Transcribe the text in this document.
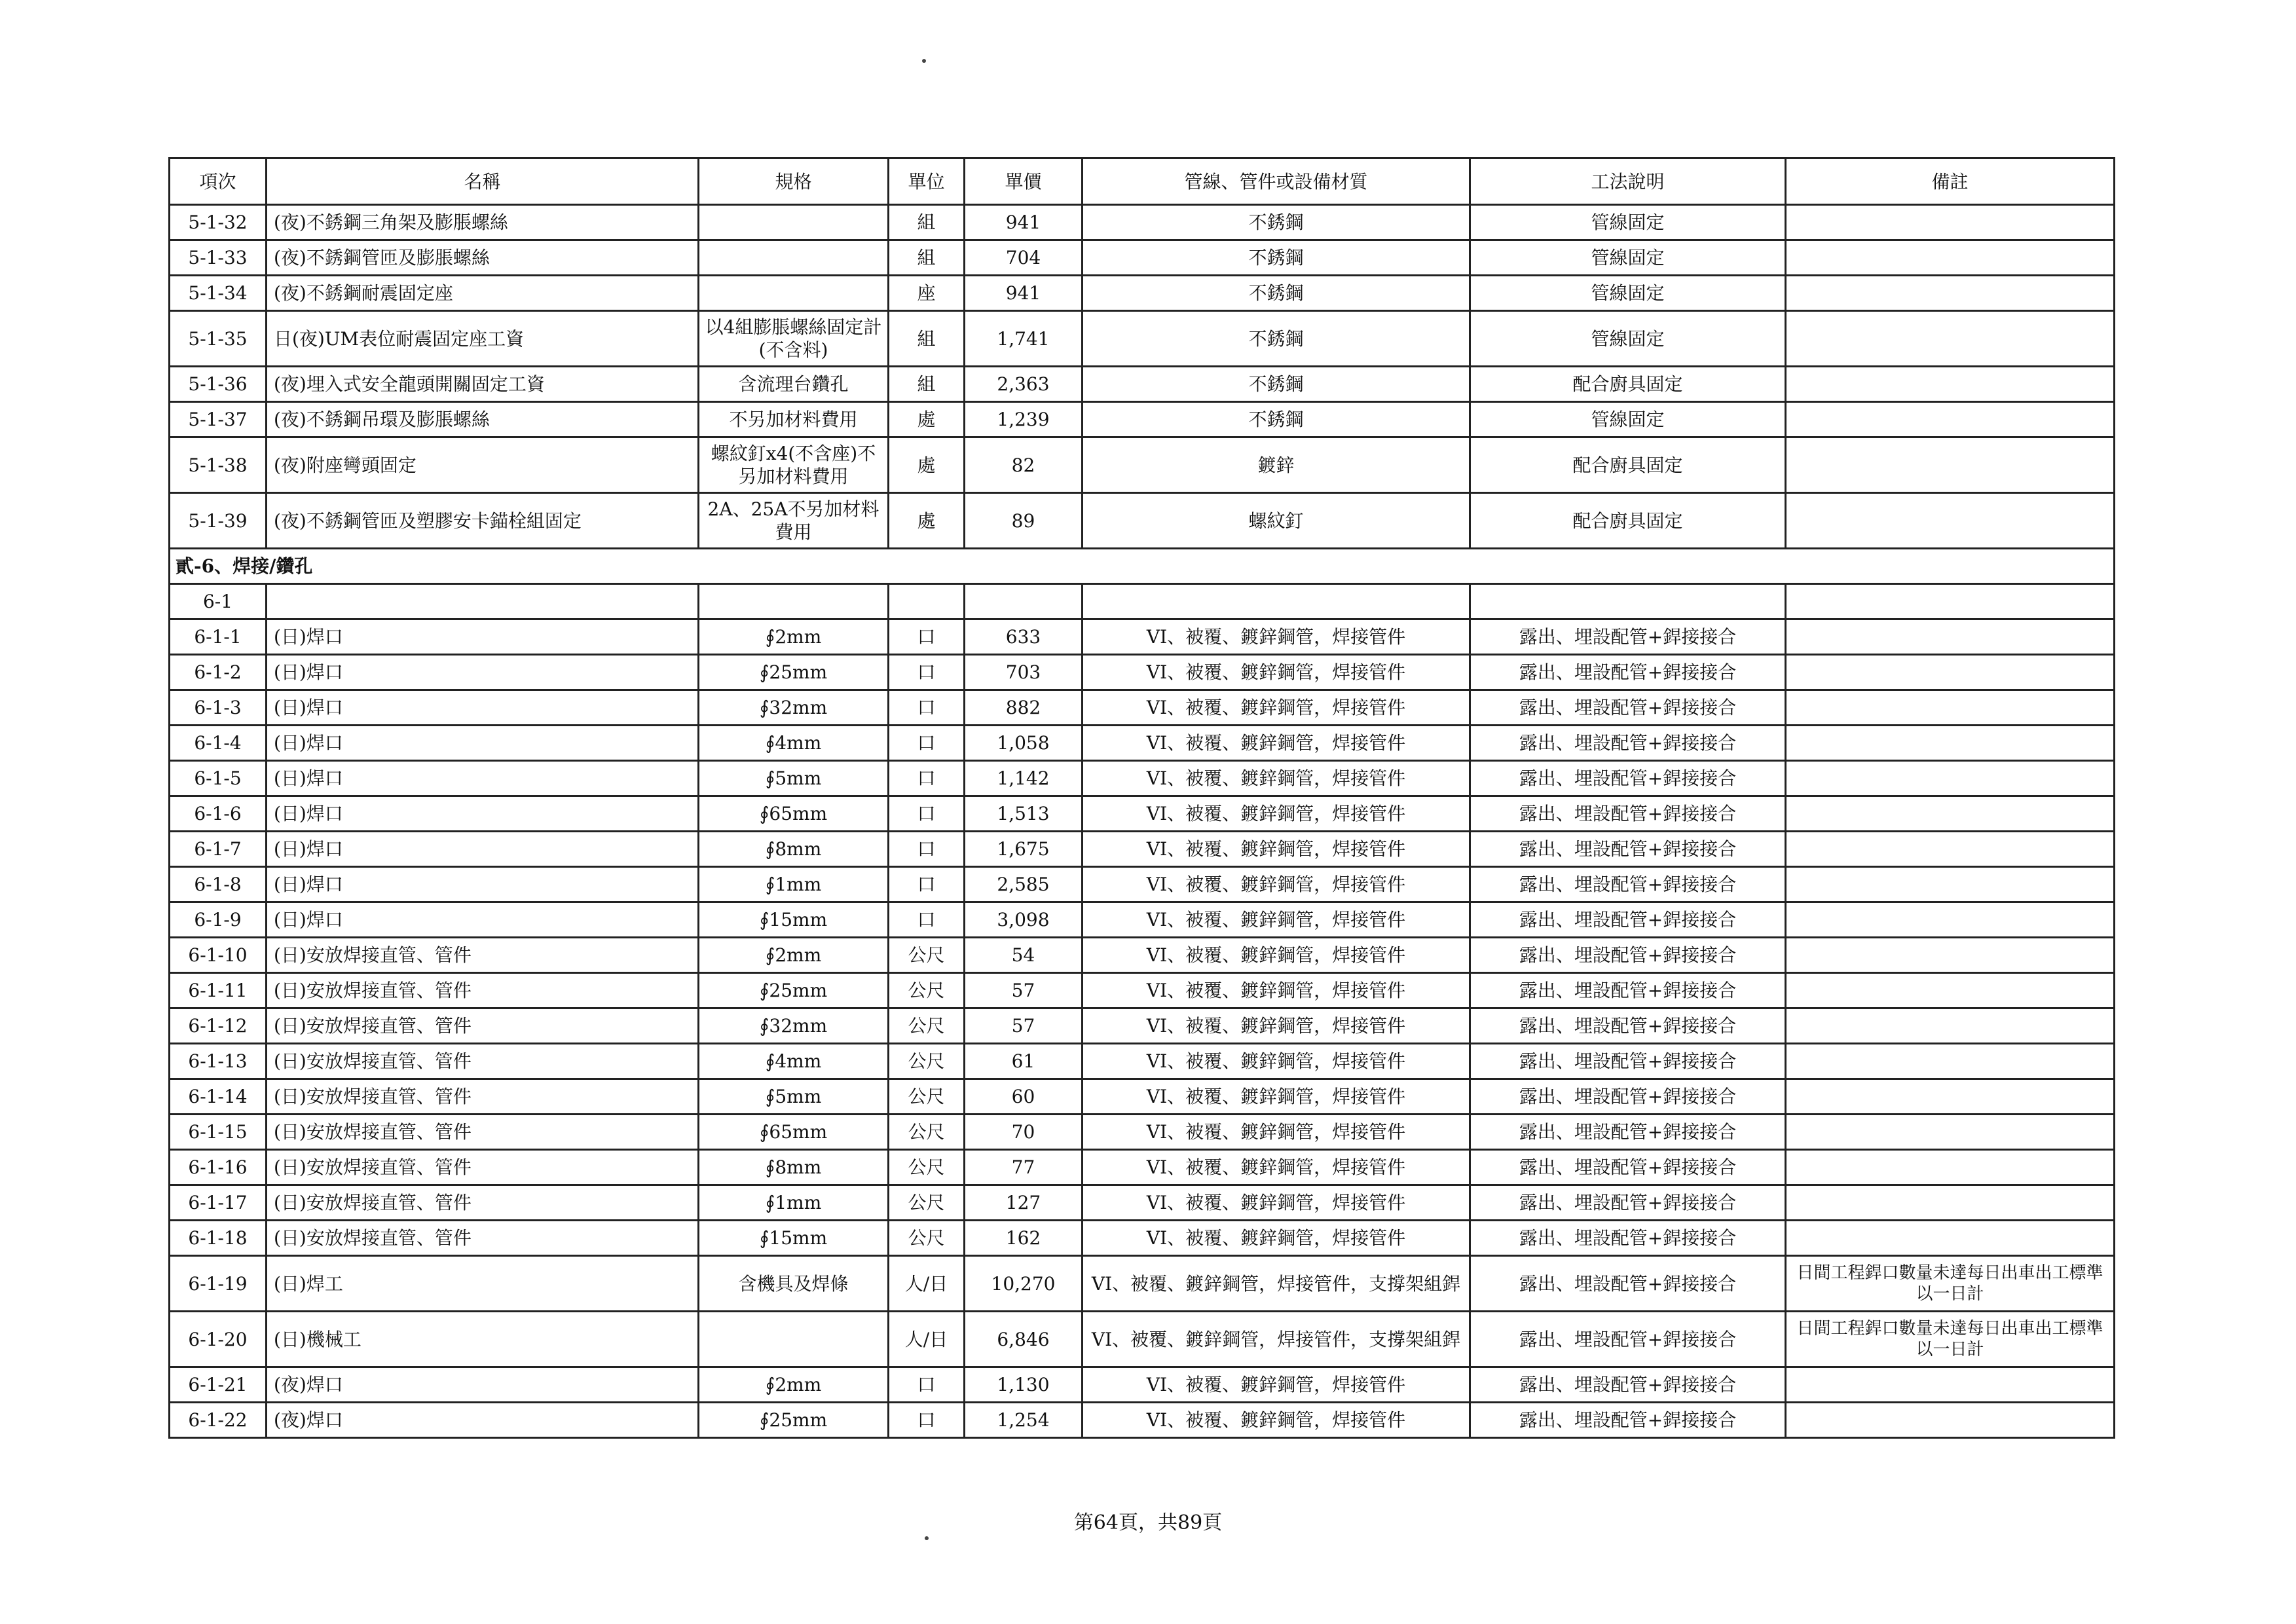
項次	名稱	規格	單位	單價	管線、管件或設備材質	工法說明	備註
5-1-32	(夜)不銹鋼三角架及膨脹螺絲		組	941	不銹鋼	管線固定	
5-1-33	(夜)不銹鋼管匝及膨脹螺絲		組	704	不銹鋼	管線固定	
5-1-34	(夜)不銹鋼耐震固定座		座	941	不銹鋼	管線固定	
5-1-35	日(夜)UM表位耐震固定座工資	以4組膨脹螺絲固定計(不含料)	組	1,741	不銹鋼	管線固定	
5-1-36	(夜)埋入式安全龍頭開關固定工資	含流理台鑽孔	組	2,363	不銹鋼	配合廚具固定	
5-1-37	(夜)不銹鋼吊環及膨脹螺絲	不另加材料費用	處	1,239	不銹鋼	管線固定	
5-1-38	(夜)附座彎頭固定	螺紋釘x4(不含座)不另加材料費用	處	82	鍍鋅	配合廚具固定	
5-1-39	(夜)不銹鋼管匝及塑膠安卡錨栓組固定	2A、25A不另加材料費用	處	89	螺紋釘	配合廚具固定	
貳-6、焊接/鑽孔							
6-1							
6-1-1	(日)焊口	∮2mm	口	633	VI、被覆、鍍鋅鋼管，焊接管件	露出、埋設配管+銲接接合	
6-1-2	(日)焊口	∮25mm	口	703	VI、被覆、鍍鋅鋼管，焊接管件	露出、埋設配管+銲接接合	
6-1-3	(日)焊口	∮32mm	口	882	VI、被覆、鍍鋅鋼管，焊接管件	露出、埋設配管+銲接接合	
6-1-4	(日)焊口	∮4mm	口	1,058	VI、被覆、鍍鋅鋼管，焊接管件	露出、埋設配管+銲接接合	
6-1-5	(日)焊口	∮5mm	口	1,142	VI、被覆、鍍鋅鋼管，焊接管件	露出、埋設配管+銲接接合	
6-1-6	(日)焊口	∮65mm	口	1,513	VI、被覆、鍍鋅鋼管，焊接管件	露出、埋設配管+銲接接合	
6-1-7	(日)焊口	∮8mm	口	1,675	VI、被覆、鍍鋅鋼管，焊接管件	露出、埋設配管+銲接接合	
6-1-8	(日)焊口	∮1mm	口	2,585	VI、被覆、鍍鋅鋼管，焊接管件	露出、埋設配管+銲接接合	
6-1-9	(日)焊口	∮15mm	口	3,098	VI、被覆、鍍鋅鋼管，焊接管件	露出、埋設配管+銲接接合	
6-1-10	(日)安放焊接直管、管件	∮2mm	公尺	54	VI、被覆、鍍鋅鋼管，焊接管件	露出、埋設配管+銲接接合	
6-1-11	(日)安放焊接直管、管件	∮25mm	公尺	57	VI、被覆、鍍鋅鋼管，焊接管件	露出、埋設配管+銲接接合	
6-1-12	(日)安放焊接直管、管件	∮32mm	公尺	57	VI、被覆、鍍鋅鋼管，焊接管件	露出、埋設配管+銲接接合	
6-1-13	(日)安放焊接直管、管件	∮4mm	公尺	61	VI、被覆、鍍鋅鋼管，焊接管件	露出、埋設配管+銲接接合	
6-1-14	(日)安放焊接直管、管件	∮5mm	公尺	60	VI、被覆、鍍鋅鋼管，焊接管件	露出、埋設配管+銲接接合	
6-1-15	(日)安放焊接直管、管件	∮65mm	公尺	70	VI、被覆、鍍鋅鋼管，焊接管件	露出、埋設配管+銲接接合	
6-1-16	(日)安放焊接直管、管件	∮8mm	公尺	77	VI、被覆、鍍鋅鋼管，焊接管件	露出、埋設配管+銲接接合	
6-1-17	(日)安放焊接直管、管件	∮1mm	公尺	127	VI、被覆、鍍鋅鋼管，焊接管件	露出、埋設配管+銲接接合	
6-1-18	(日)安放焊接直管、管件	∮15mm	公尺	162	VI、被覆、鍍鋅鋼管，焊接管件	露出、埋設配管+銲接接合	
6-1-19	(日)焊工	含機具及焊條	人/日	10,270	VI、被覆、鍍鋅鋼管，焊接管件，支撐架組銲	露出、埋設配管+銲接接合	日間工程銲口數量未達每日出車出工標準 以一日計
6-1-20	(日)機械工		人/日	6,846	VI、被覆、鍍鋅鋼管，焊接管件，支撐架組銲	露出、埋設配管+銲接接合	日間工程銲口數量未達每日出車出工標準 以一日計
6-1-21	(夜)焊口	∮2mm	口	1,130	VI、被覆、鍍鋅鋼管，焊接管件	露出、埋設配管+銲接接合	
6-1-22	(夜)焊口	∮25mm	口	1,254	VI、被覆、鍍鋅鋼管，焊接管件	露出、埋設配管+銲接接合	
第64頁，共89頁
